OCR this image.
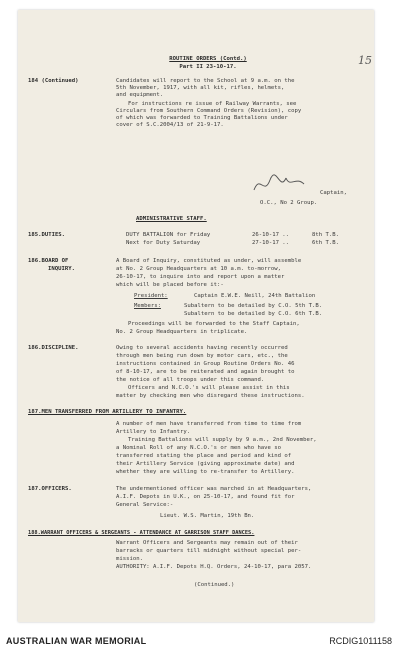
15
ROUTINE ORDERS (Contd.)
Part II 23-10-17.
184 (Continued)	Candidates will report to the School at 9 a.m. on the
5th November, 1917, with all kit, rifles, helmets,
and equipment.
For instructions re issue of Railway Warrants, see
Circulars from Southern Command Orders (Revision), copy
of which was forwarded to Training Battalions under
cover of S.C.2004/13 of 21-9-17.
Captain,
O.C., No 2 Group.
ADMINISTRATIVE STAFF.
185.DUTIES.	DUTY BATTALION for Friday	26-10-17 ..	8th T.B.
Next for Duty Saturday	27-10-17 ..	6th T.B.
186.BOARD OF
INQUIRY.
A Board of Inquiry, constituted as under, will assemble
at No. 2 Group Headquarters at 10 a.m. to-morrow,
26-10-17, to inquire into and report upon a matter
which will be placed before it:-
President:	Captain E.W.E. Neill, 24th Battalion
Members:	Subaltern to be detailed by C.O. 5th T.B.
Subaltern to be detailed by C.O. 6th T.B.
Proceedings will be forwarded to the Staff Captain,
No. 2 Group Headquarters in triplicate.
186.DISCIPLINE.	Owing to several accidents having recently occurred
through men being run down by motor cars, etc., the
instructions contained in Group Routine Orders No. 46
of 8-10-17, are to be reiterated and again brought to
the notice of all troops under this command.
Officers and N.C.O.'s will please assist in this
matter by checking men who disregard these instructions.
187.MEN TRANSFERRED FROM ARTILLERY TO INFANTRY.
A number of men have transferred from time to time from
Artillery to Infantry.
Training Battalions will supply by 9 a.m., 2nd November,
a Nominal Roll of any N.C.O.'s or men who have so
transferred stating the place and period and kind of
their Artillery Service (giving approximate date) and
whether they are willing to re-transfer to Artillery.
187.OFFICERS.	The undermentioned officer was marched in at Headquarters,
A.I.F. Depots in U.K., on 25-10-17, and found fit for
General Service:-
Lieut. W.S. Martin, 19th Bn.
188.WARRANT OFFICERS & SERGEANTS - ATTENDANCE AT GARRISON STAFF DANCES.
Warrant Officers and Sergeants may remain out of their
barracks or quarters till midnight without special per-
mission.
AUTHORITY: A.I.F. Depots H.Q. Orders, 24-10-17, para 2057.
(Continued.)
AUSTRALIAN WAR MEMORIAL	RCDIG1011158
